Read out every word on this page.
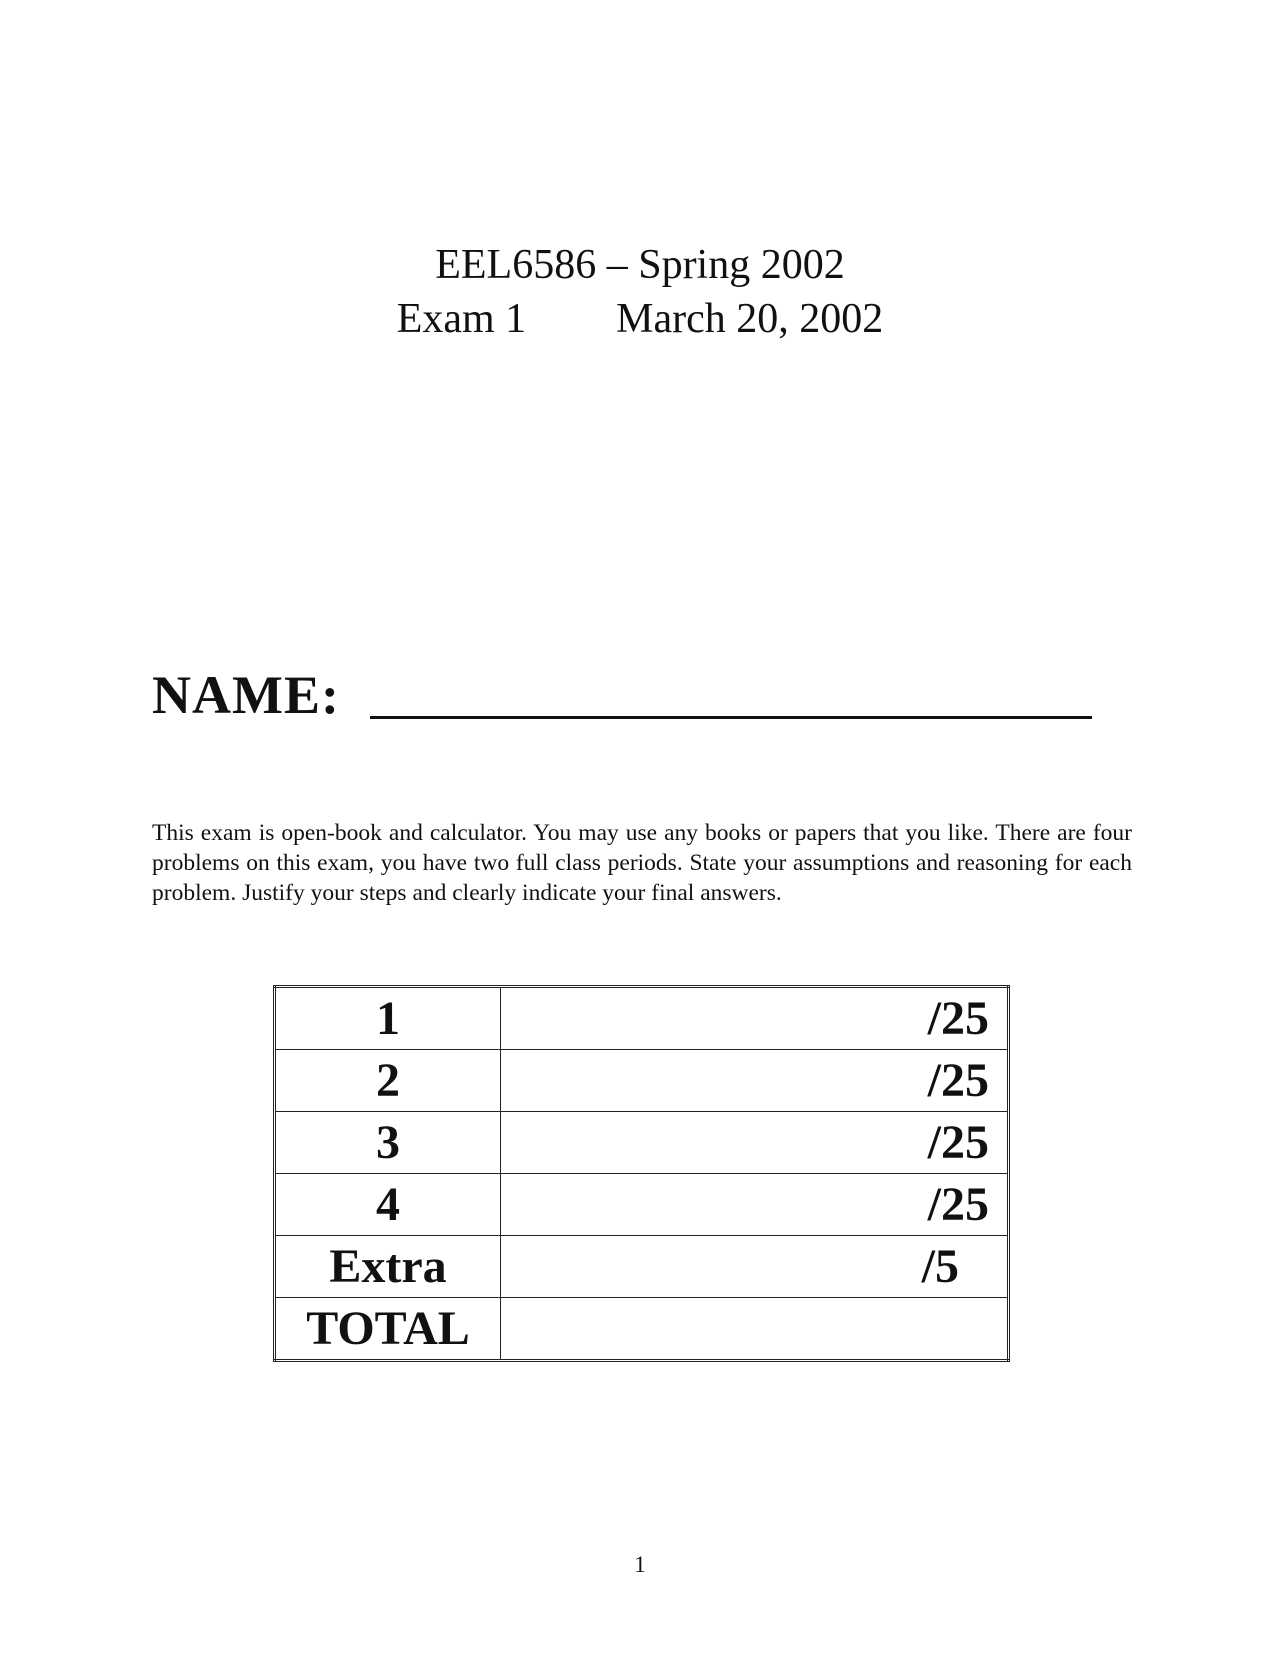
EEL6586 – Spring 2002
Exam 1 March 20, 2002
NAME:
This exam is open-book and calculator. You may use any books or papers that you like. There are four problems on this exam, you have two full class periods. State your assumptions and reasoning for each problem. Justify your steps and clearly indicate your final answers.
1	/25
2	/25
3	/25
4	/25
Extra	/5
TOTAL	
1
